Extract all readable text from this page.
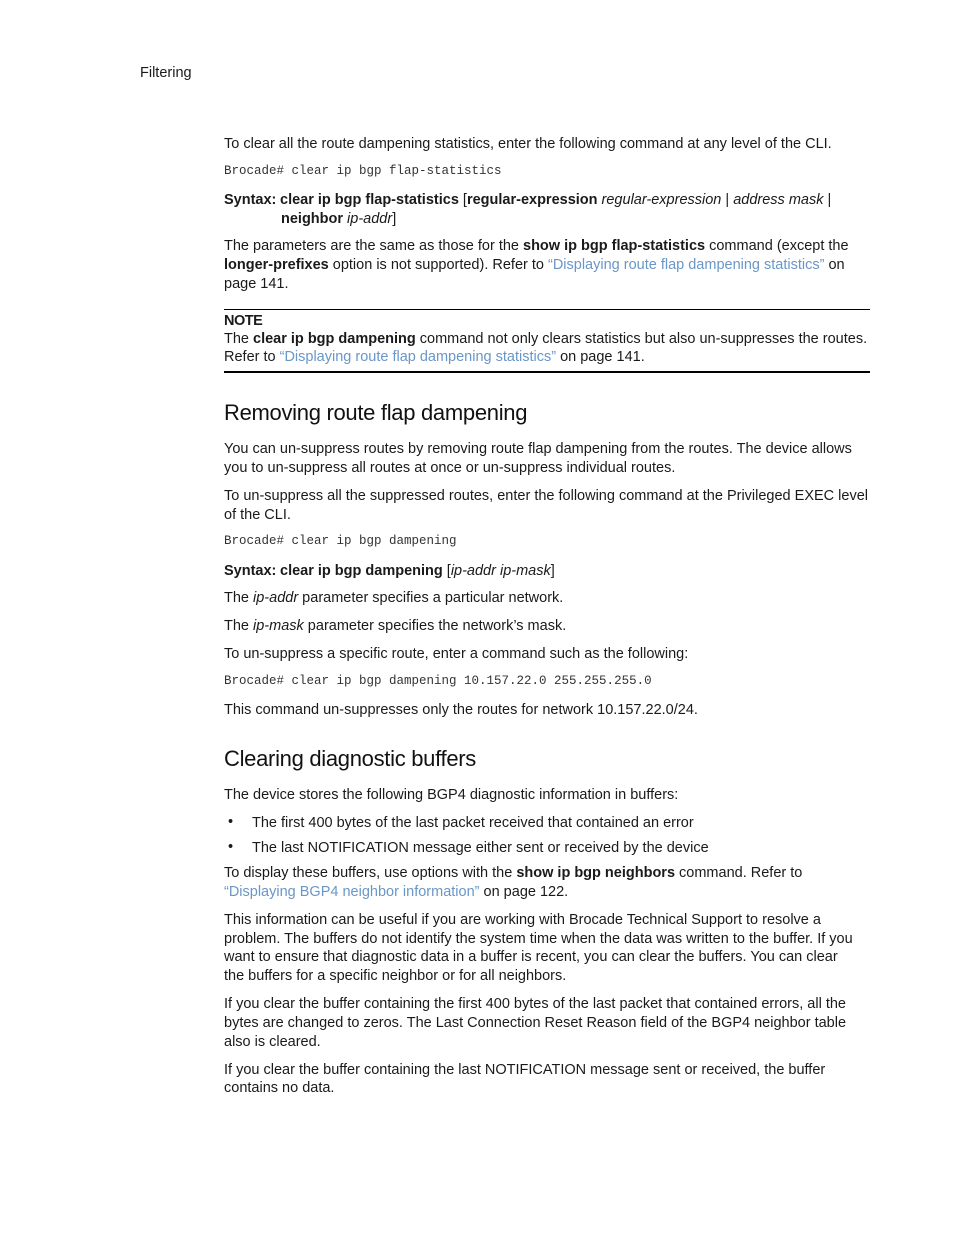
Filtering
To clear all the route dampening statistics, enter the following command at any level of the CLI.
Brocade# clear ip bgp flap-statistics
Syntax: clear ip bgp flap-statistics [regular-expression regular-expression | address mask |
neighbor ip-addr]
The parameters are the same as those for the show ip bgp flap-statistics command (except the
longer-prefixes option is not supported). Refer to “Displaying route flap dampening statistics” on
page 141.
NOTE
The clear ip bgp dampening command not only clears statistics but also un-suppresses the routes.
Refer to “Displaying route flap dampening statistics” on page 141.
Removing route flap dampening
You can un-suppress routes by removing route flap dampening from the routes. The device allows
you to un-suppress all routes at once or un-suppress individual routes.
To un-suppress all the suppressed routes, enter the following command at the Privileged EXEC level
of the CLI.
Brocade# clear ip bgp dampening
Syntax: clear ip bgp dampening [ip-addr ip-mask]
The ip-addr parameter specifies a particular network.
The ip-mask parameter specifies the network’s mask.
To un-suppress a specific route, enter a command such as the following:
Brocade# clear ip bgp dampening 10.157.22.0 255.255.255.0
This command un-suppresses only the routes for network 10.157.22.0/24.
Clearing diagnostic buffers
The device stores the following BGP4 diagnostic information in buffers:
• The first 400 bytes of the last packet received that contained an error
• The last NOTIFICATION message either sent or received by the device
To display these buffers, use options with the show ip bgp neighbors command. Refer to
“Displaying BGP4 neighbor information” on page 122.
This information can be useful if you are working with Brocade Technical Support to resolve a
problem. The buffers do not identify the system time when the data was written to the buffer. If you
want to ensure that diagnostic data in a buffer is recent, you can clear the buffers. You can clear
the buffers for a specific neighbor or for all neighbors.
If you clear the buffer containing the first 400 bytes of the last packet that contained errors, all the
bytes are changed to zeros. The Last Connection Reset Reason field of the BGP4 neighbor table
also is cleared.
If you clear the buffer containing the last NOTIFICATION message sent or received, the buffer
contains no data.
